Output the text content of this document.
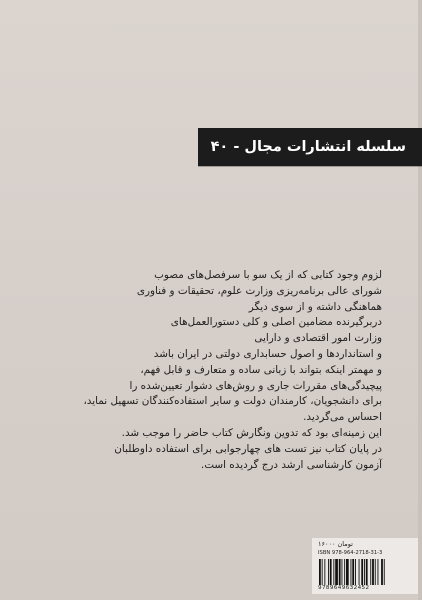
سلسله انتشارات مجال - ۴۰
لزوم وجود کتابی که از یک سو با سرفصل‌های مصوب
شورای عالی برنامه‌ریزی وزارت علوم، تحقیقات و فناوری
هماهنگی داشته و از سوی دیگر
دربرگیرنده مضامین اصلی و کلی دستورالعمل‌های
وزارت امور اقتصادی و دارایی
و استانداردها و اصول حسابداری دولتی در ایران باشد
و مهمتر اینکه بتواند با زبانی ساده و متعارف و قابل فهم،
پیچیدگی‌های مقررات جاری و روش‌های دشوار تعیین‌شده را
برای دانشجویان، کارمندان دولت و سایر استفاده‌کنندگان تسهیل نماید،
احساس می‌گردید.
این زمینه‌ای بود که تدوین ونگارش کتاب حاضر را موجب شد.
در پایان کتاب نیز تست های چهارجوابی برای استفاده داوطلبان
آزمون کارشناسی ارشد درج گردیده است.
۱۶۰۰۰ تومان
ISBN 978-964-2718-31-3
9789649632452
